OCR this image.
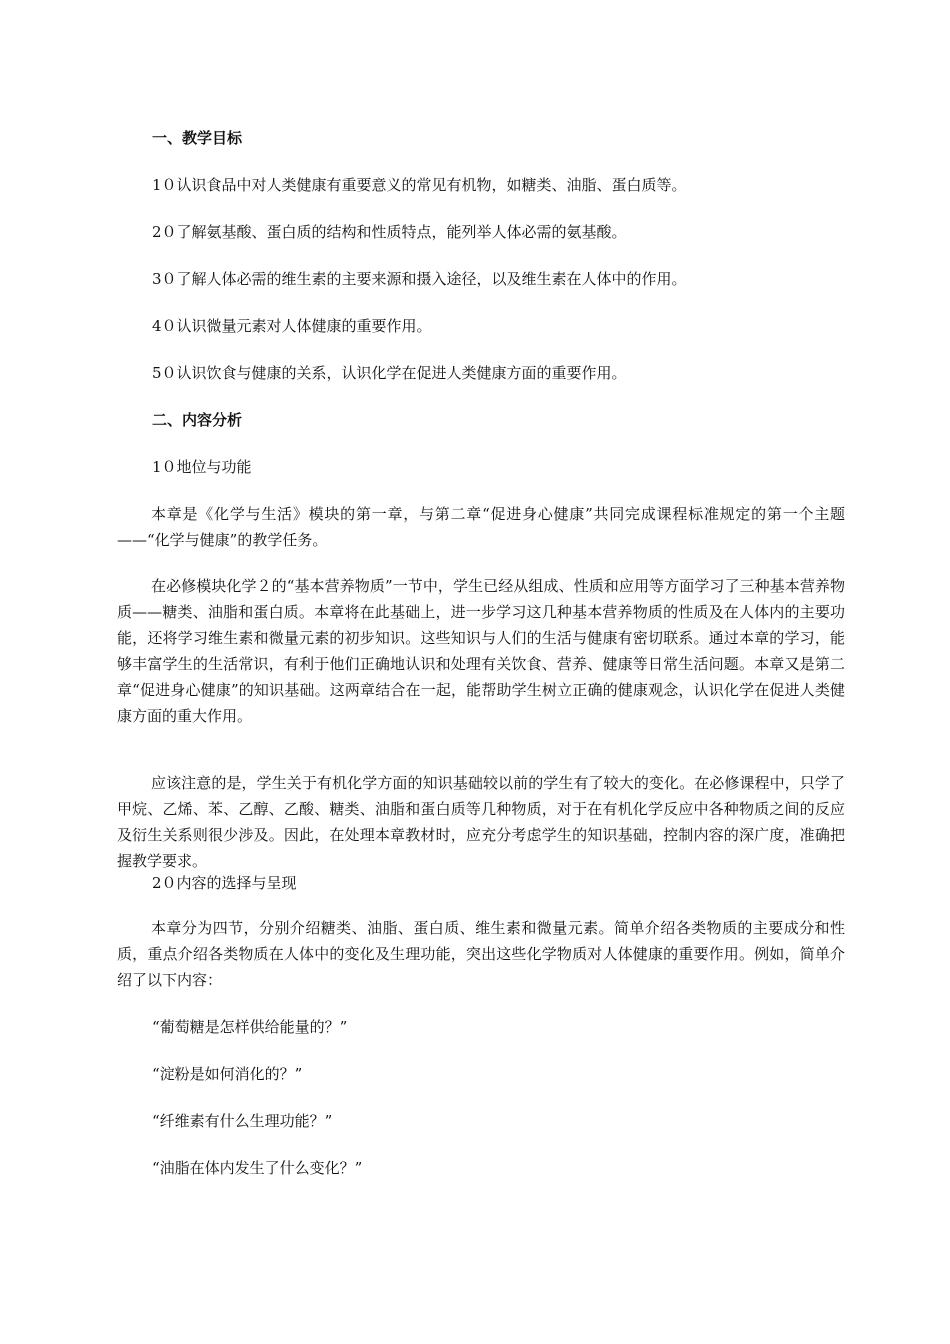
一、教学目标
1０认识食品中对人类健康有重要意义的常见有机物，如糖类、油脂、蛋白质等。
2０了解氨基酸、蛋白质的结构和性质特点，能列举人体必需的氨基酸。
3０了解人体必需的维生素的主要来源和摄入途径，以及维生素在人体中的作用。
4０认识微量元素对人体健康的重要作用。
5０认识饮食与健康的关系，认识化学在促进人类健康方面的重要作用。
二、内容分析
1０地位与功能

本章是《化学与生活》模块的第一章，与第二章“促进身心健康”共同完成课程标准规定的第一个主题——“化学与健康”的教学任务。

在必修模块化学２的“基本营养物质”一节中，学生已经从组成、性质和应用等方面学习了三种基本营养物质——糖类、油脂和蛋白质。本章将在此基础上，进一步学习这几种基本营养物质的性质及在人体内的主要功能，还将学习维生素和微量元素的初步知识。这些知识与人们的生活与健康有密切联系。通过本章的学习，能够丰富学生的生活常识，有利于他们正确地认识和处理有关饮食、营养、健康等日常生活问题。本章又是第二章“促进身心健康”的知识基础。这两章结合在一起，能帮助学生树立正确的健康观念，认识化学在促进人类健康方面的重大作用。

应该注意的是，学生关于有机化学方面的知识基础较以前的学生有了较大的变化。在必修课程中，只学了甲烷、乙烯、苯、乙醇、乙酸、糖类、油脂和蛋白质等几种物质，对于在有机化学反应中各种物质之间的反应及衍生关系则很少涉及。因此，在处理本章教材时，应充分考虑学生的知识基础，控制内容的深广度，准确把握教学要求。

2０内容的选择与呈现

本章分为四节，分别介绍糖类、油脂、蛋白质、维生素和微量元素。简单介绍各类物质的主要成分和性质，重点介绍各类物质在人体中的变化及生理功能，突出这些化学物质对人体健康的重要作用。例如，简单介绍了以下内容：

“葡萄糖是怎样供给能量的？”
“淀粉是如何消化的？”
“纤维素有什么生理功能？”
“油脂在体内发生了什么变化？”
